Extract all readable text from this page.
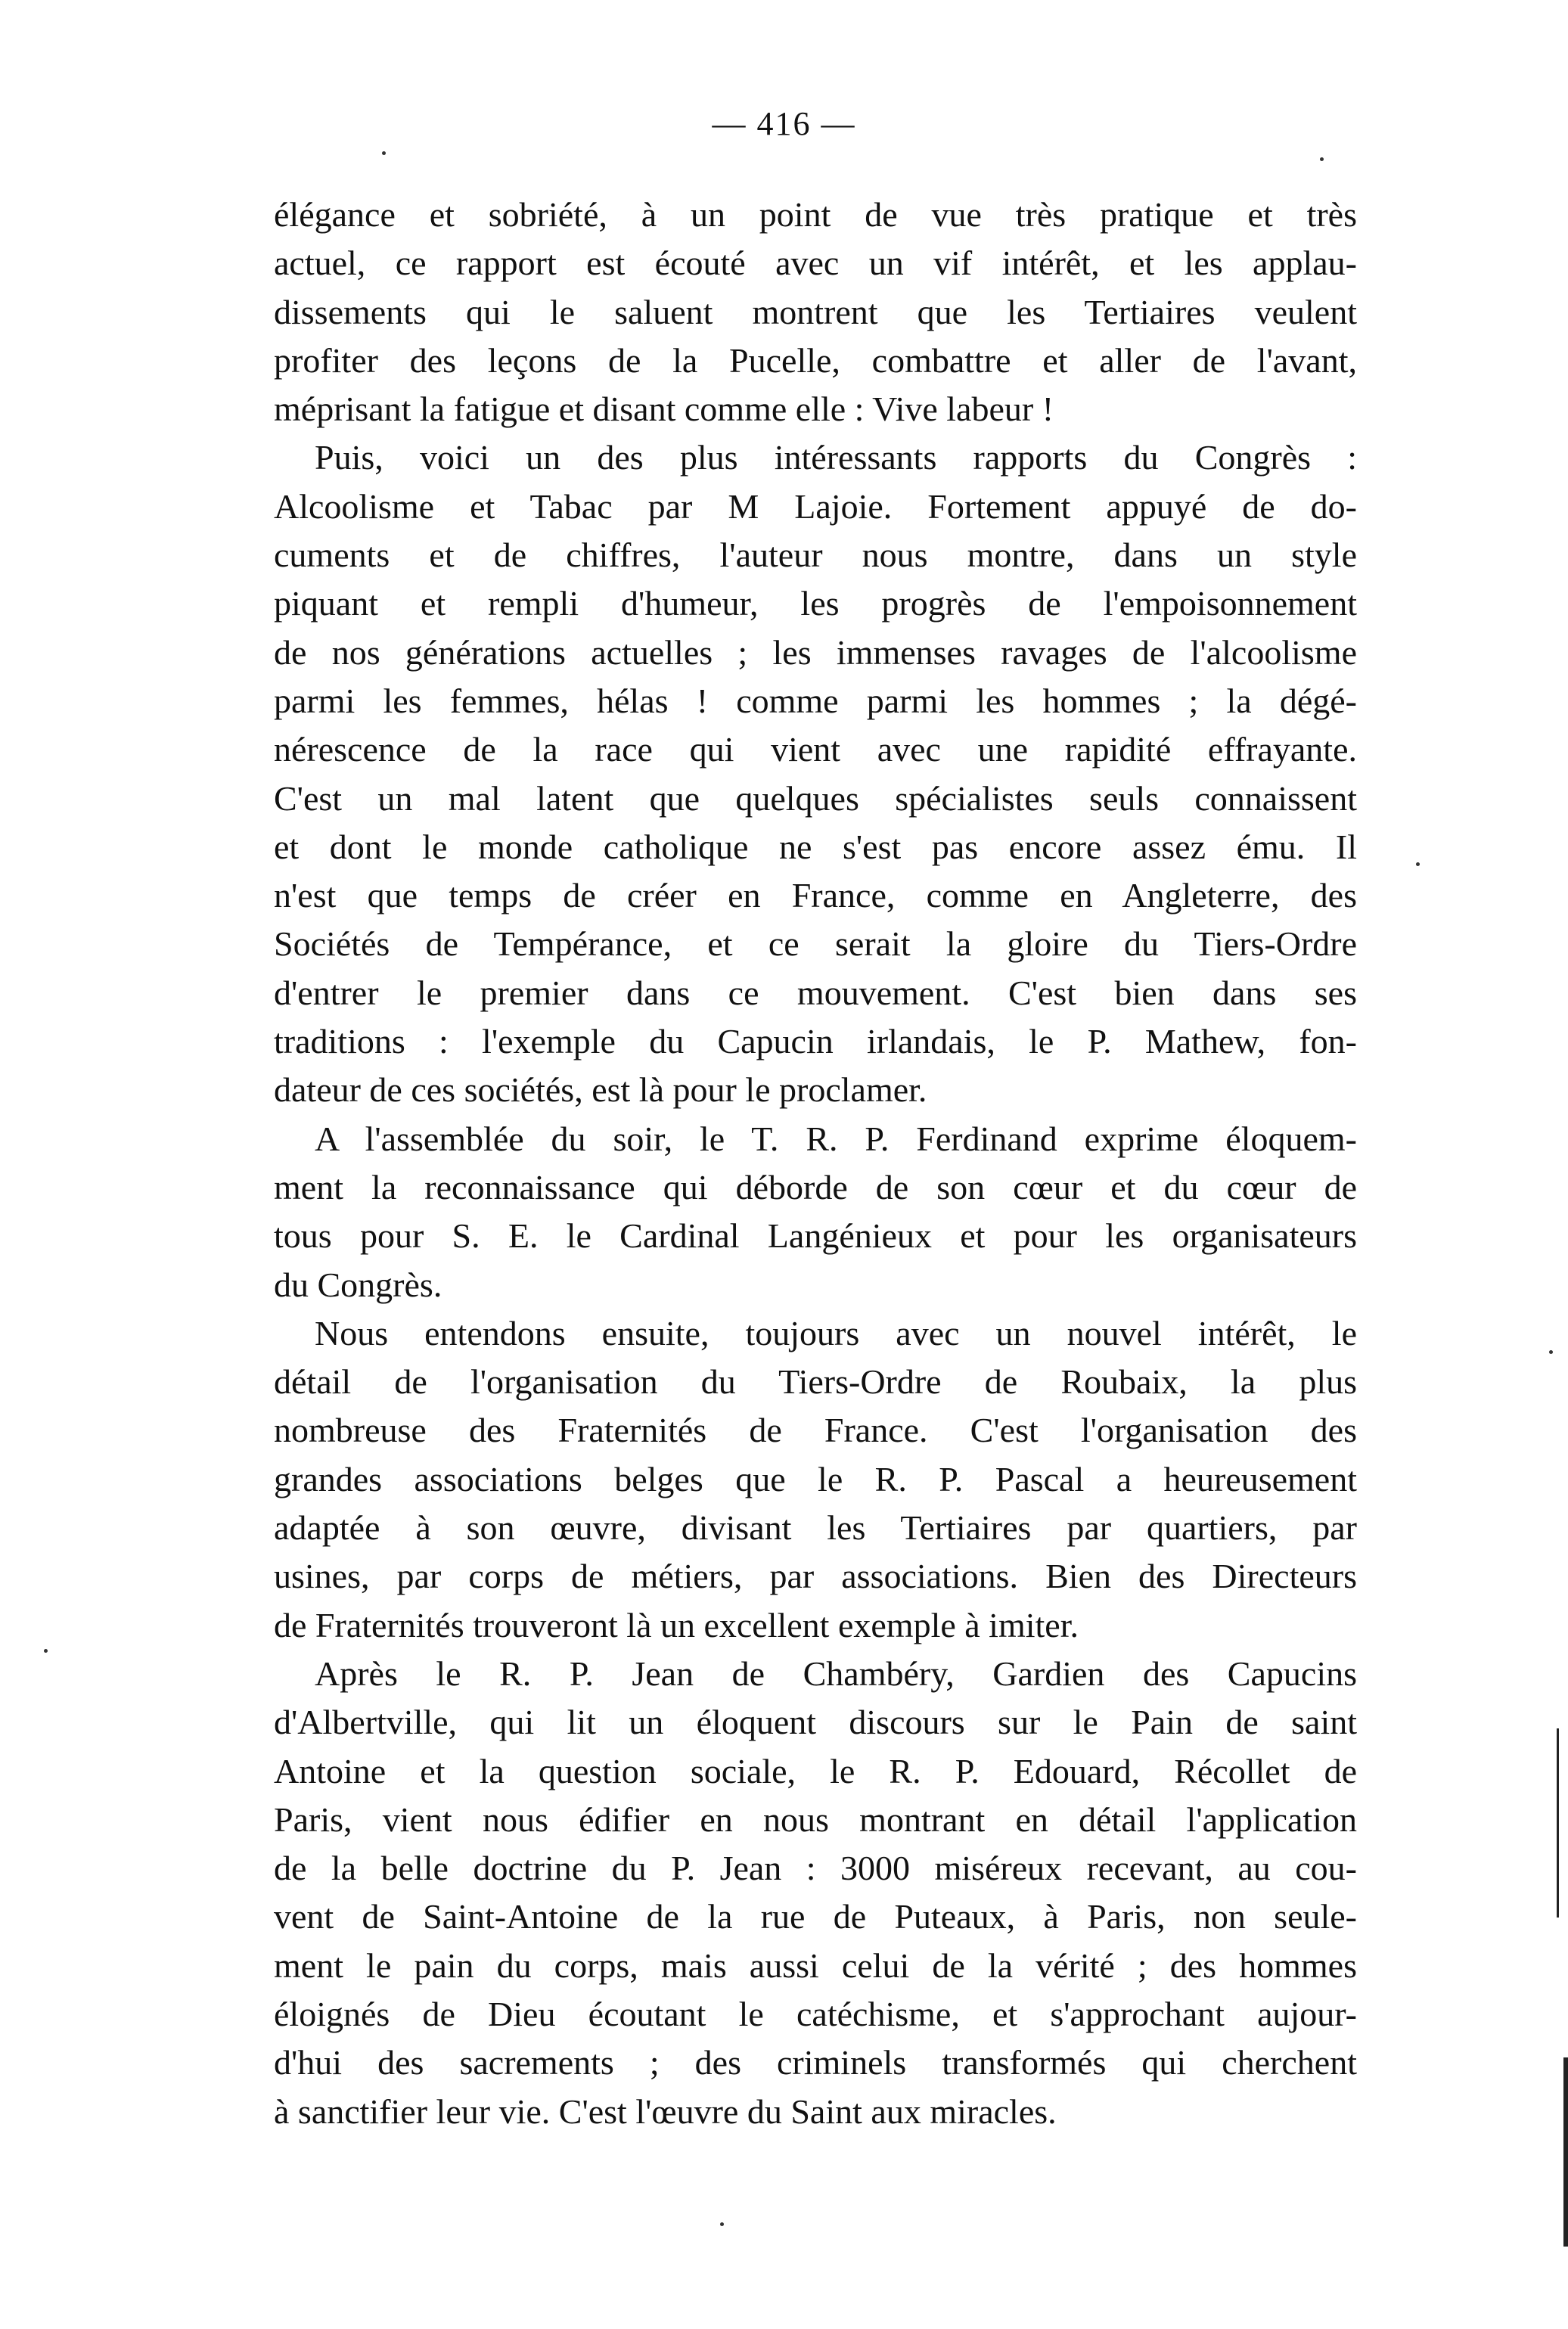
— 416 —
élégance et sobriété, à un point de vue très pratique et très
actuel, ce rapport est écouté avec un vif intérêt, et les applau-
dissements qui le saluent montrent que les Tertiaires veulent
profiter des leçons de la Pucelle, combattre et aller de l'avant,
méprisant la fatigue et disant comme elle : Vive labeur !
Puis, voici un des plus intéressants rapports du Congrès :
Alcoolisme et Tabac par M Lajoie. Fortement appuyé de do-
cuments et de chiffres, l'auteur nous montre, dans un style
piquant et rempli d'humeur, les progrès de l'empoisonnement
de nos générations actuelles ; les immenses ravages de l'alcoolisme
parmi les femmes, hélas ! comme parmi les hommes ; la dégé-
nérescence de la race qui vient avec une rapidité effrayante.
C'est un mal latent que quelques spécialistes seuls connaissent
et dont le monde catholique ne s'est pas encore assez ému. Il
n'est que temps de créer en France, comme en Angleterre, des
Sociétés de Tempérance, et ce serait la gloire du Tiers-Ordre
d'entrer le premier dans ce mouvement. C'est bien dans ses
traditions : l'exemple du Capucin irlandais, le P. Mathew, fon-
dateur de ces sociétés, est là pour le proclamer.
A l'assemblée du soir, le T. R. P. Ferdinand exprime éloquem-
ment la reconnaissance qui déborde de son cœur et du cœur de
tous pour S. E. le Cardinal Langénieux et pour les organisateurs
du Congrès.
Nous entendons ensuite, toujours avec un nouvel intérêt, le
détail de l'organisation du Tiers-Ordre de Roubaix, la plus
nombreuse des Fraternités de France. C'est l'organisation des
grandes associations belges que le R. P. Pascal a heureusement
adaptée à son œuvre, divisant les Tertiaires par quartiers, par
usines, par corps de métiers, par associations. Bien des Directeurs
de Fraternités trouveront là un excellent exemple à imiter.
Après le R. P. Jean de Chambéry, Gardien des Capucins
d'Albertville, qui lit un éloquent discours sur le Pain de saint
Antoine et la question sociale, le R. P. Edouard, Récollet de
Paris, vient nous édifier en nous montrant en détail l'application
de la belle doctrine du P. Jean : 3000 miséreux recevant, au cou-
vent de Saint-Antoine de la rue de Puteaux, à Paris, non seule-
ment le pain du corps, mais aussi celui de la vérité ; des hommes
éloignés de Dieu écoutant le catéchisme, et s'approchant aujour-
d'hui des sacrements ; des criminels transformés qui cherchent
à sanctifier leur vie. C'est l'œuvre du Saint aux miracles.
